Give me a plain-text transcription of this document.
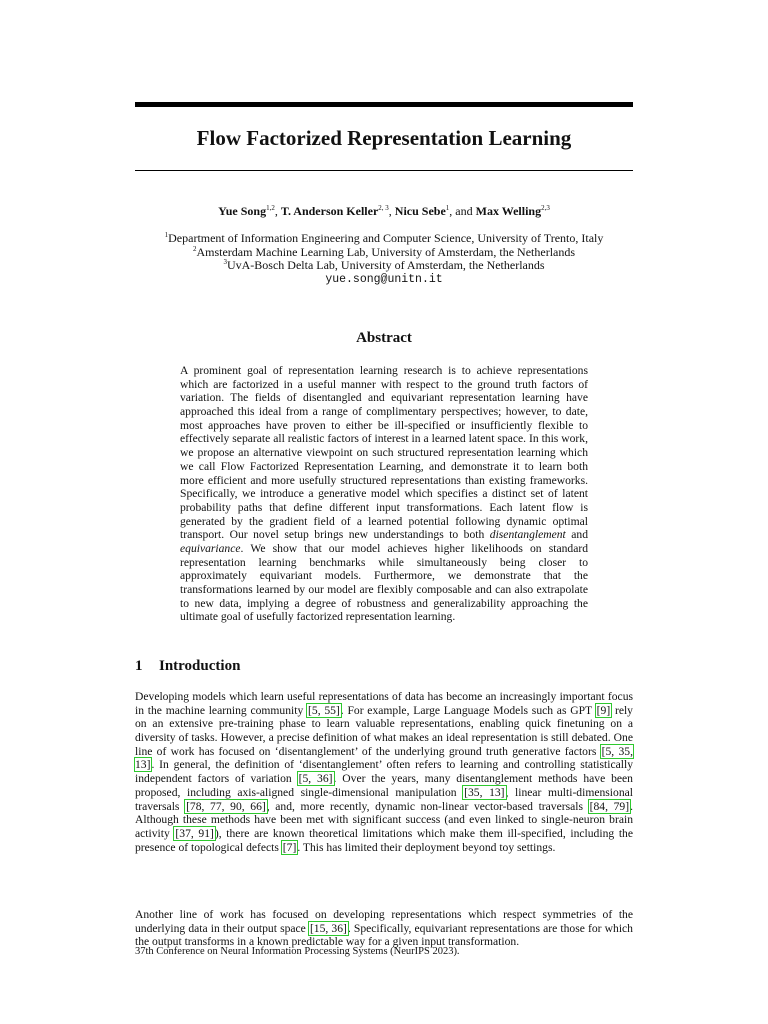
Flow Factorized Representation Learning
Yue Song$^{1,2}$, T. Anderson Keller$^{2, 3}$, Nicu Sebe$^1$, and Max Welling$^{2,3}$
$^1$Department of Information Engineering and Computer Science, University of Trento, Italy
$^2$Amsterdam Machine Learning Lab, University of Amsterdam, the Netherlands
$^3$UvA-Bosch Delta Lab, University of Amsterdam, the Netherlands
yue.song@unitn.it
Abstract
A prominent goal of representation learning research is to achieve representations which are factorized in a useful manner with respect to the ground truth factors of variation. The fields of disentangled and equivariant representation learning have approached this ideal from a range of complimentary perspectives; however, to date, most approaches have proven to either be ill-specified or insufficiently flexible to effectively separate all realistic factors of interest in a learned latent space. In this work, we propose an alternative viewpoint on such structured representation learning which we call Flow Factorized Representation Learning, and demonstrate it to learn both more efficient and more usefully structured representations than existing frameworks. Specifically, we introduce a generative model which specifies a distinct set of latent probability paths that define different input transformations. Each latent flow is generated by the gradient field of a learned potential following dynamic optimal transport. Our novel setup brings new understandings to both disentanglement and equivariance. We show that our model achieves higher likelihoods on standard representation learning benchmarks while simultaneously being closer to approximately equivariant models. Furthermore, we demonstrate that the transformations learned by our model are flexibly composable and can also extrapolate to new data, implying a degree of robustness and generalizability approaching the ultimate goal of usefully factorized representation learning.
1 Introduction
Developing models which learn useful representations of data has become an increasingly important focus in the machine learning community [5, 55]. For example, Large Language Models such as GPT [9] rely on an extensive pre-training phase to learn valuable representations, enabling quick finetuning on a diversity of tasks. However, a precise definition of what makes an ideal representation is still debated. One line of work has focused on ‘disentanglement’ of the underlying ground truth generative factors [5, 35, 13]. In general, the definition of ‘disentanglement’ often refers to learning and controlling statistically independent factors of variation [5, 36]. Over the years, many disentanglement methods have been proposed, including axis-aligned single-dimensional manipulation [35, 13], linear multi-dimensional traversals [78, 77, 90, 66], and, more recently, dynamic non-linear vector-based traversals [84, 79]. Although these methods have been met with significant success (and even linked to single-neuron brain activity [37, 91]), there are known theoretical limitations which make them ill-specified, including the presence of topological defects [7]. This has limited their deployment beyond toy settings.
Another line of work has focused on developing representations which respect symmetries of the underlying data in their output space [15, 36]. Specifically, equivariant representations are those for which the output transforms in a known predictable way for a given input transformation.
37th Conference on Neural Information Processing Systems (NeurIPS 2023).
